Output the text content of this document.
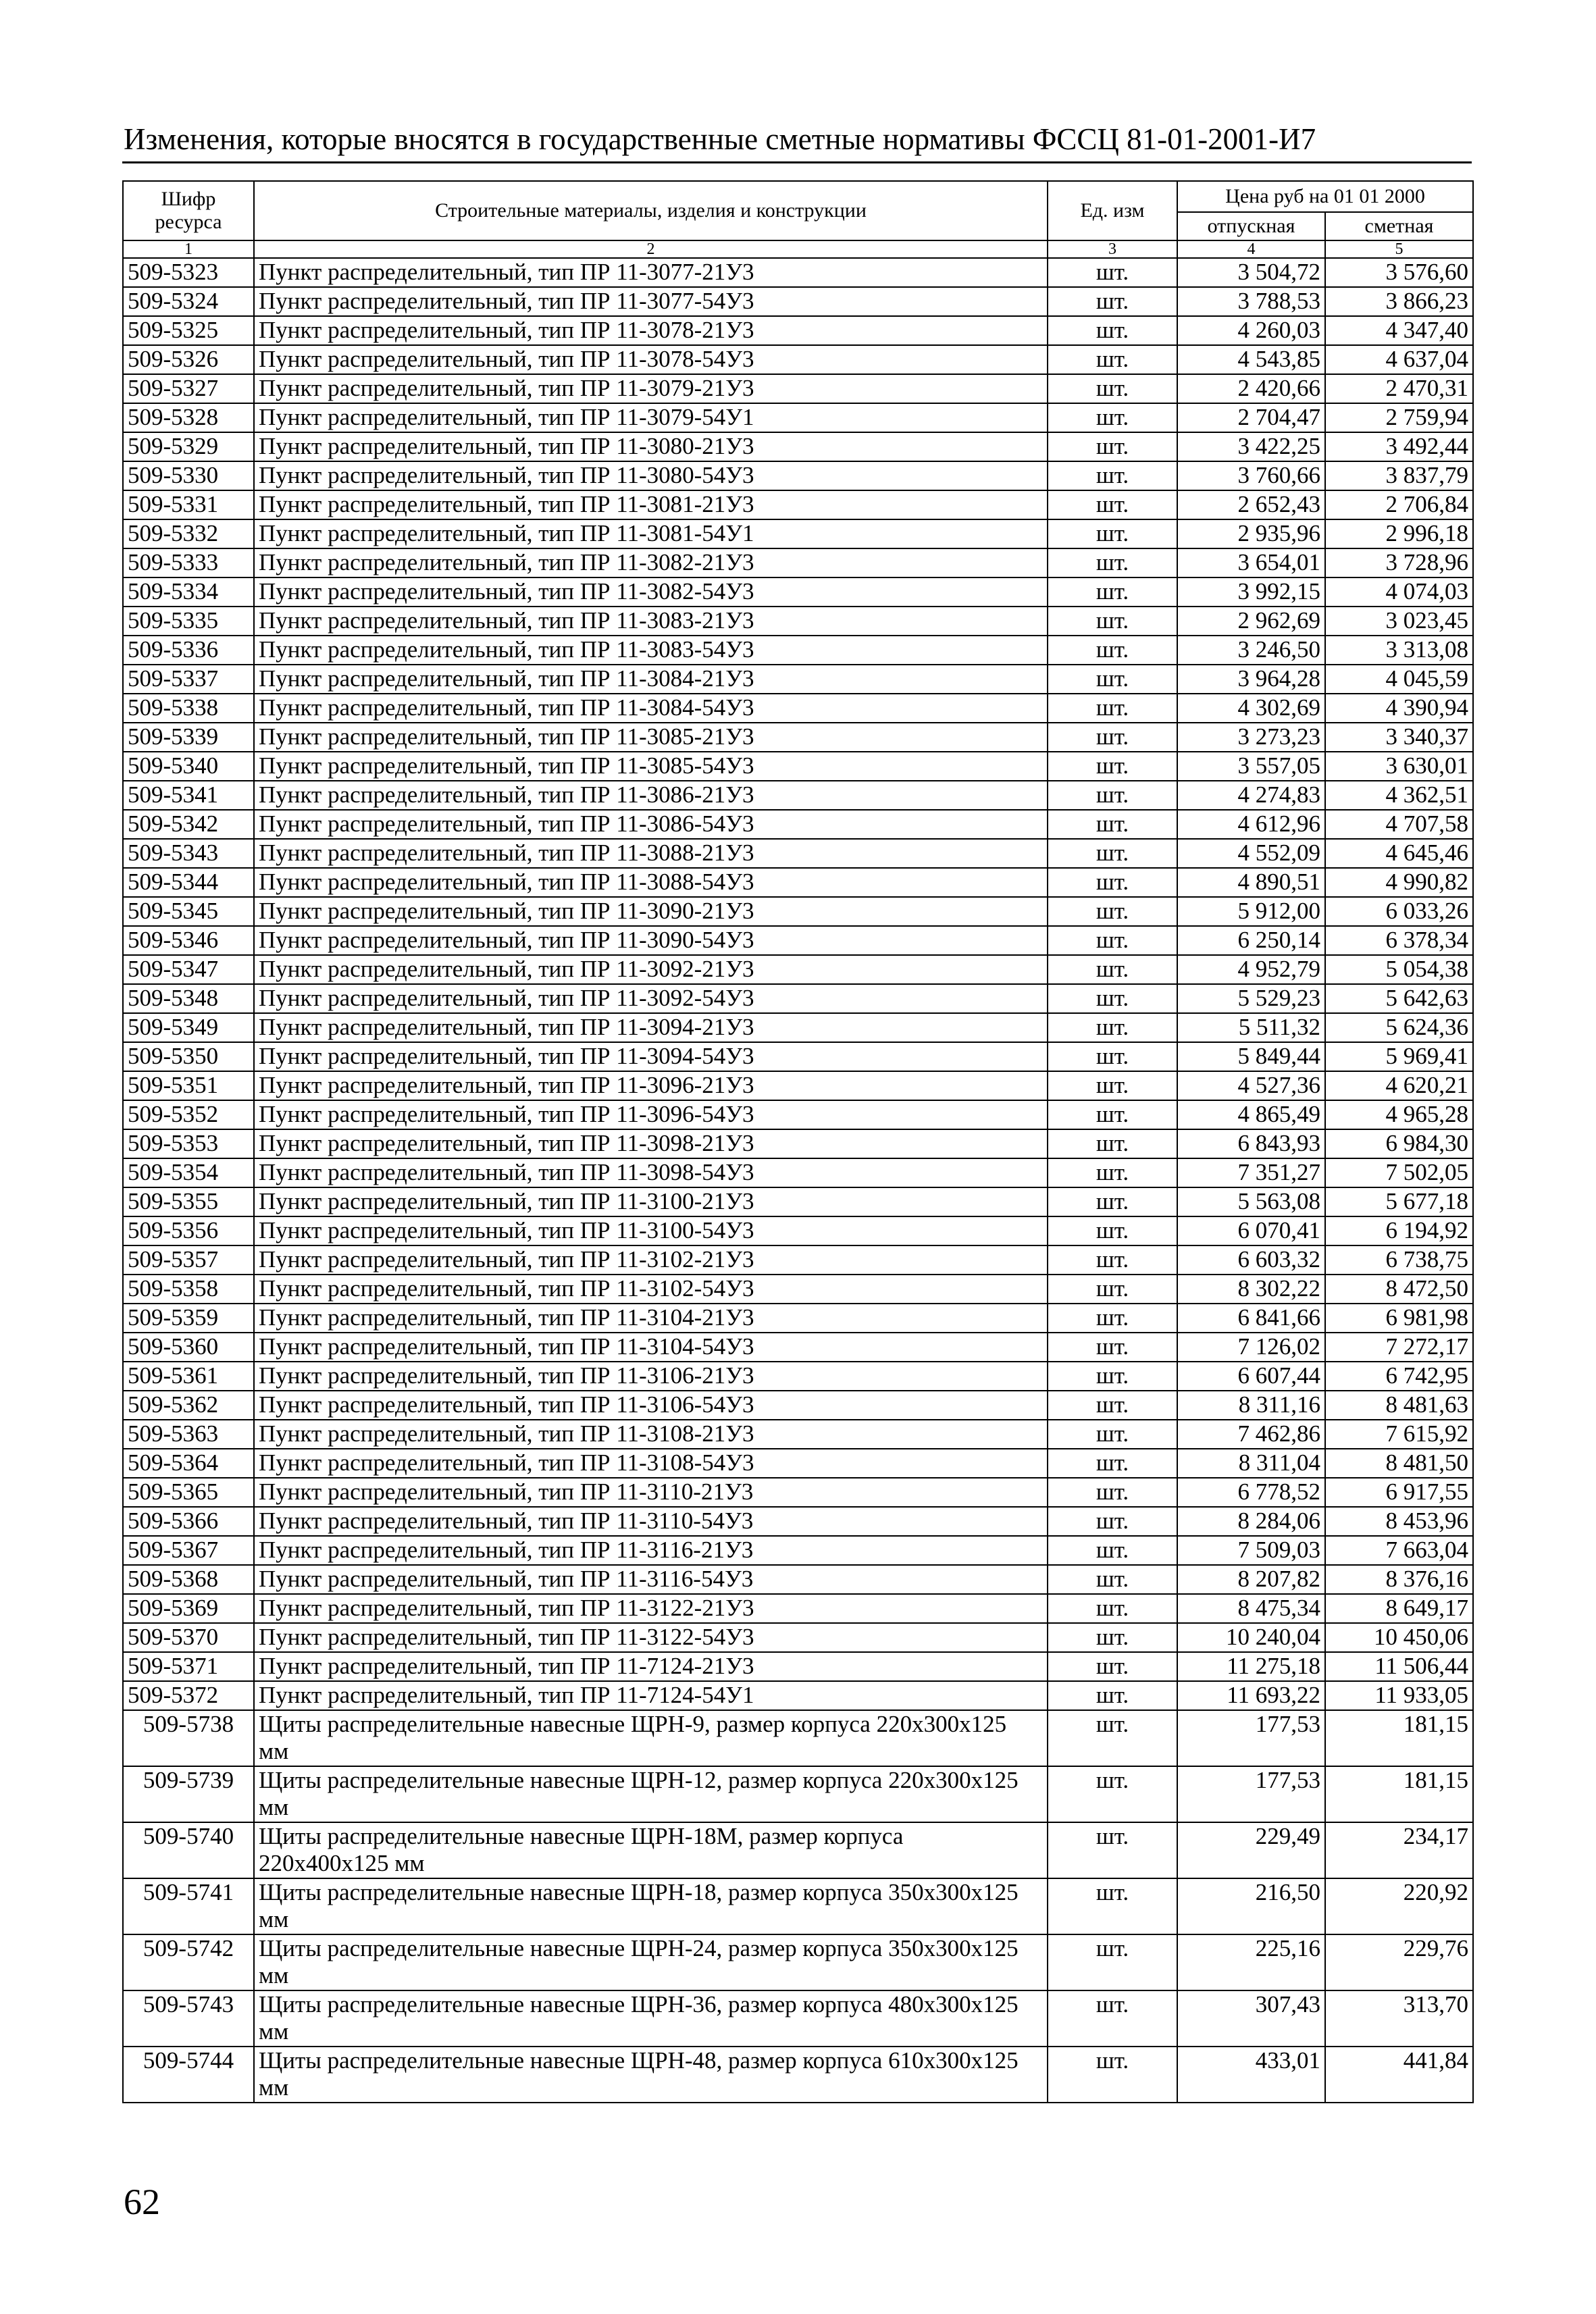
Изменения, которые вносятся в государственные сметные нормативы ФССЦ 81-01-2001-И7
Шифр ресурса	Строительные материалы, изделия и конструкции	Ед. изм	Цена руб на 01 01 2000	
			отпускная	сметная
1	2	3	4	5
509-5323	Пункт распределительный, тип ПР 11-3077-21У3	шт.	3 504,72	3 576,60
509-5324	Пункт распределительный, тип ПР 11-3077-54У3	шт.	3 788,53	3 866,23
509-5325	Пункт распределительный, тип ПР 11-3078-21У3	шт.	4 260,03	4 347,40
509-5326	Пункт распределительный, тип ПР 11-3078-54У3	шт.	4 543,85	4 637,04
509-5327	Пункт распределительный, тип ПР 11-3079-21У3	шт.	2 420,66	2 470,31
509-5328	Пункт распределительный, тип ПР 11-3079-54У1	шт.	2 704,47	2 759,94
509-5329	Пункт распределительный, тип ПР 11-3080-21У3	шт.	3 422,25	3 492,44
509-5330	Пункт распределительный, тип ПР 11-3080-54У3	шт.	3 760,66	3 837,79
509-5331	Пункт распределительный, тип ПР 11-3081-21У3	шт.	2 652,43	2 706,84
509-5332	Пункт распределительный, тип ПР 11-3081-54У1	шт.	2 935,96	2 996,18
509-5333	Пункт распределительный, тип ПР 11-3082-21У3	шт.	3 654,01	3 728,96
509-5334	Пункт распределительный, тип ПР 11-3082-54У3	шт.	3 992,15	4 074,03
509-5335	Пункт распределительный, тип ПР 11-3083-21У3	шт.	2 962,69	3 023,45
509-5336	Пункт распределительный, тип ПР 11-3083-54У3	шт.	3 246,50	3 313,08
509-5337	Пункт распределительный, тип ПР 11-3084-21У3	шт.	3 964,28	4 045,59
509-5338	Пункт распределительный, тип ПР 11-3084-54У3	шт.	4 302,69	4 390,94
509-5339	Пункт распределительный, тип ПР 11-3085-21У3	шт.	3 273,23	3 340,37
509-5340	Пункт распределительный, тип ПР 11-3085-54У3	шт.	3 557,05	3 630,01
509-5341	Пункт распределительный, тип ПР 11-3086-21У3	шт.	4 274,83	4 362,51
509-5342	Пункт распределительный, тип ПР 11-3086-54У3	шт.	4 612,96	4 707,58
509-5343	Пункт распределительный, тип ПР 11-3088-21У3	шт.	4 552,09	4 645,46
509-5344	Пункт распределительный, тип ПР 11-3088-54У3	шт.	4 890,51	4 990,82
509-5345	Пункт распределительный, тип ПР 11-3090-21У3	шт.	5 912,00	6 033,26
509-5346	Пункт распределительный, тип ПР 11-3090-54У3	шт.	6 250,14	6 378,34
509-5347	Пункт распределительный, тип ПР 11-3092-21У3	шт.	4 952,79	5 054,38
509-5348	Пункт распределительный, тип ПР 11-3092-54У3	шт.	5 529,23	5 642,63
509-5349	Пункт распределительный, тип ПР 11-3094-21У3	шт.	5 511,32	5 624,36
509-5350	Пункт распределительный, тип ПР 11-3094-54У3	шт.	5 849,44	5 969,41
509-5351	Пункт распределительный, тип ПР 11-3096-21У3	шт.	4 527,36	4 620,21
509-5352	Пункт распределительный, тип ПР 11-3096-54У3	шт.	4 865,49	4 965,28
509-5353	Пункт распределительный, тип ПР 11-3098-21У3	шт.	6 843,93	6 984,30
509-5354	Пункт распределительный, тип ПР 11-3098-54У3	шт.	7 351,27	7 502,05
509-5355	Пункт распределительный, тип ПР 11-3100-21У3	шт.	5 563,08	5 677,18
509-5356	Пункт распределительный, тип ПР 11-3100-54У3	шт.	6 070,41	6 194,92
509-5357	Пункт распределительный, тип ПР 11-3102-21У3	шт.	6 603,32	6 738,75
509-5358	Пункт распределительный, тип ПР 11-3102-54У3	шт.	8 302,22	8 472,50
509-5359	Пункт распределительный, тип ПР 11-3104-21У3	шт.	6 841,66	6 981,98
509-5360	Пункт распределительный, тип ПР 11-3104-54У3	шт.	7 126,02	7 272,17
509-5361	Пункт распределительный, тип ПР 11-3106-21У3	шт.	6 607,44	6 742,95
509-5362	Пункт распределительный, тип ПР 11-3106-54У3	шт.	8 311,16	8 481,63
509-5363	Пункт распределительный, тип ПР 11-3108-21У3	шт.	7 462,86	7 615,92
509-5364	Пункт распределительный, тип ПР 11-3108-54У3	шт.	8 311,04	8 481,50
509-5365	Пункт распределительный, тип ПР 11-3110-21У3	шт.	6 778,52	6 917,55
509-5366	Пункт распределительный, тип ПР 11-3110-54У3	шт.	8 284,06	8 453,96
509-5367	Пункт распределительный, тип ПР 11-3116-21У3	шт.	7 509,03	7 663,04
509-5368	Пункт распределительный, тип ПР 11-3116-54У3	шт.	8 207,82	8 376,16
509-5369	Пункт распределительный, тип ПР 11-3122-21У3	шт.	8 475,34	8 649,17
509-5370	Пункт распределительный, тип ПР 11-3122-54У3	шт.	10 240,04	10 450,06
509-5371	Пункт распределительный, тип ПР 11-7124-21У3	шт.	11 275,18	11 506,44
509-5372	Пункт распределительный, тип ПР 11-7124-54У1	шт.	11 693,22	11 933,05
509-5738	Щиты распределительные навесные ЩРН-9, размер корпуса 220х300х125 мм	шт.	177,53	181,15
509-5739	Щиты распределительные навесные ЩРН-12, размер корпуса 220х300х125 мм	шт.	177,53	181,15
509-5740	Щиты распределительные навесные ЩРН-18М, размер корпуса 220х400х125 мм	шт.	229,49	234,17
509-5741	Щиты распределительные навесные ЩРН-18, размер корпуса 350х300х125 мм	шт.	216,50	220,92
509-5742	Щиты распределительные навесные ЩРН-24, размер корпуса 350х300х125 мм	шт.	225,16	229,76
509-5743	Щиты распределительные навесные ЩРН-36, размер корпуса 480х300х125 мм	шт.	307,43	313,70
509-5744	Щиты распределительные навесные ЩРН-48, размер корпуса 610х300х125 мм	шт.	433,01	441,84
62
